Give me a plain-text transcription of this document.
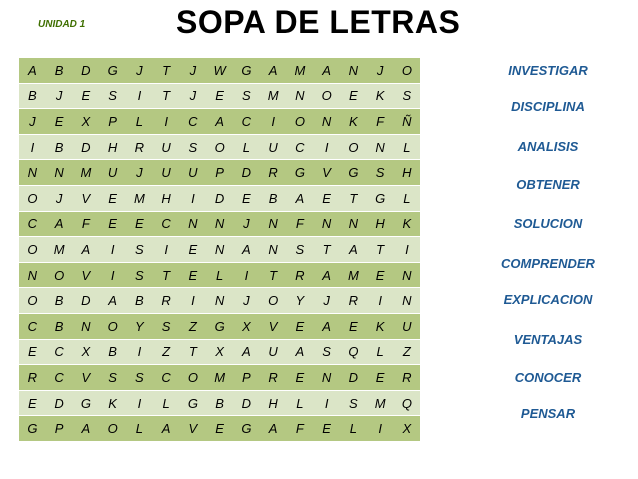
UNIDAD 1	SOPA DE LETRAS
A	B	D	G	J	T	J	W	G	A	M	A	N	J	O
B	J	E	S	I	T	J	E	S	M	N	O	E	K	S
J	E	X	P	L	I	C	A	C	I	O	N	K	F	Ñ
I	B	D	H	R	U	S	O	L	U	C	I	O	N	L
N	N	M	U	J	U	U	P	D	R	G	V	G	S	H
O	J	V	E	M	H	I	D	E	B	A	E	T	G	L
C	A	F	E	E	C	N	N	J	N	F	N	N	H	K
O	M	A	I	S	I	E	N	A	N	S	T	A	T	I
N	O	V	I	S	T	E	L	I	T	R	A	M	E	N
O	B	D	A	B	R	I	N	J	O	Y	J	R	I	N
C	B	N	O	Y	S	Z	G	X	V	E	A	E	K	U
E	C	X	B	I	Z	T	X	A	U	A	S	Q	L	Z
R	C	V	S	S	C	O	M	P	R	E	N	D	E	R
E	D	G	K	I	L	G	B	D	H	L	I	S	M	Q
G	P	A	O	L	A	V	E	G	A	F	E	L	I	X
INVESTIGAR
DISCIPLINA
ANALISIS
OBTENER
SOLUCION
COMPRENDER
EXPLICACION
VENTAJAS
CONOCER
PENSAR
